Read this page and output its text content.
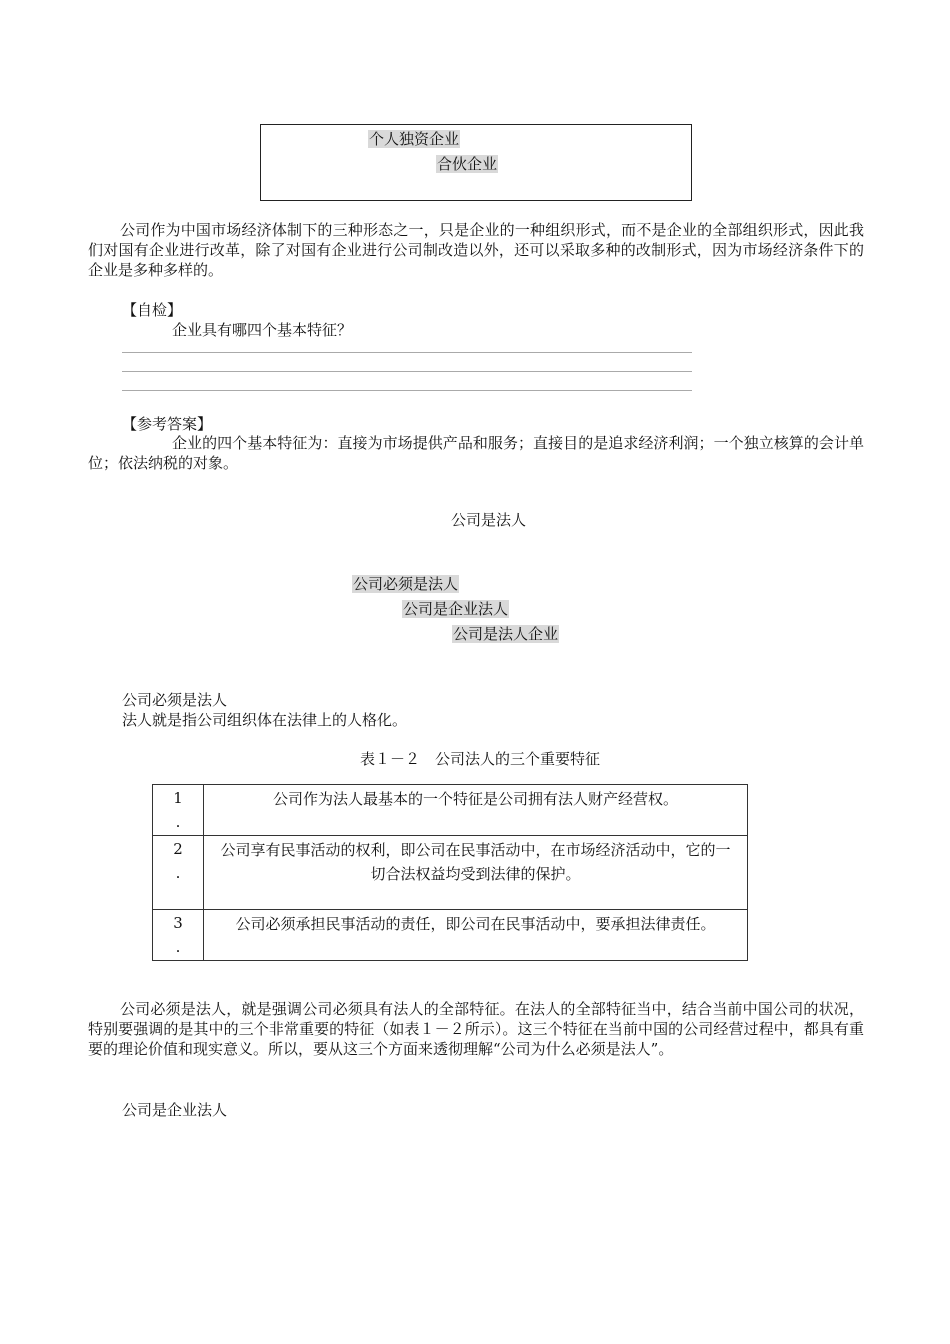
个人独资企业
合伙企业
公司作为中国市场经济体制下的三种形态之一，只是企业的一种组织形式，而不是企业的全部组织形式，因此我们对国有企业进行改革，除了对国有企业进行公司制改造以外，还可以采取多种的改制形式，因为市场经济条件下的企业是多种多样的。
【自检】
企业具有哪四个基本特征？
【参考答案】
企业的四个基本特征为：直接为市场提供产品和服务；直接目的是追求经济利润；一个独立核算的会计单位；依法纳税的对象。
公司是法人
公司必须是法人
公司是企业法人
公司是法人企业
公司必须是法人
法人就是指公司组织体在法律上的人格化。
表１－２　公司法人的三个重要特征
1
.	公司作为法人最基本的一个特征是公司拥有法人财产经营权。

2
.	公司享有民事活动的权利，即公司在民事活动中，在市场经济活动中，它的一切合法权益均受到法律的保护。

3
.	公司必须承担民事活动的责任，即公司在民事活动中，要承担法律责任。
公司必须是法人，就是强调公司必须具有法人的全部特征。在法人的全部特征当中，结合当前中国公司的状况，特别要强调的是其中的三个非常重要的特征（如表１－２所示）。这三个特征在当前中国的公司经营过程中，都具有重要的理论价值和现实意义。所以，要从这三个方面来透彻理解“公司为什么必须是法人”。
公司是企业法人
